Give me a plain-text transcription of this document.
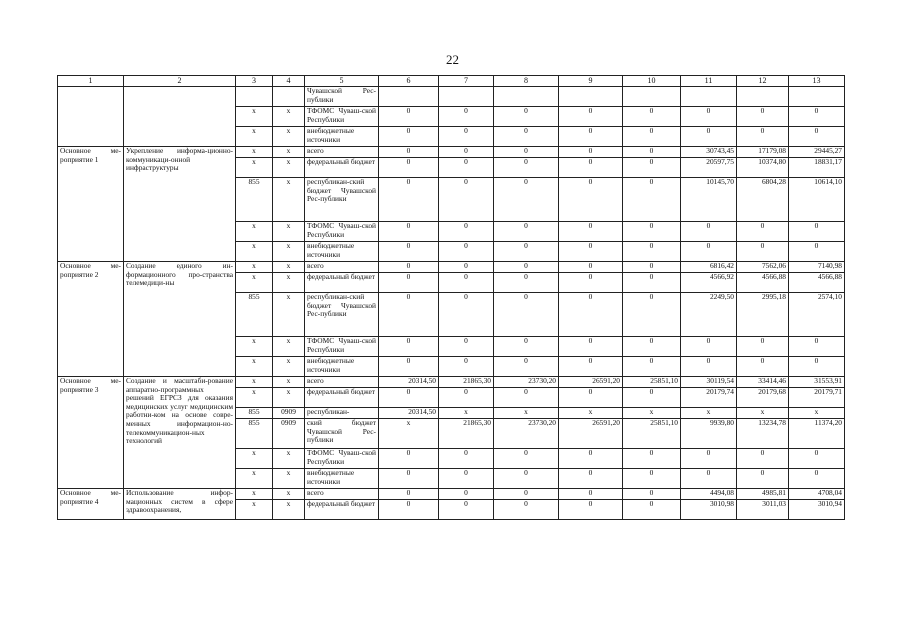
22
1	2	3	4	5	6	7	8	9	10	11	12	13
				Чувашской Рес-публики								
		x	x	ТФОМС Чуваш-ской Республики	0	0	0	0	0	0	0	0
		x	x	внебюджетные источники	0	0	0	0	0	0	0	0
Основное ме-роприятие 1	Укрепление информа-ционно-коммуникаци-онной инфраструктуры	x	x	всего	0	0	0	0	0	30743,45	17179,08	29445,27
		x	x	федеральный бюджет	0	0	0	0	0	20597,75	10374,80	18831,17
		855	x	республикан-ский бюджет Чувашской Рес-публики	0	0	0	0	0	10145,70	6804,28	10614,10
		x	x	ТФОМС Чуваш-ской Республики	0	0	0	0	0	0	0	0
		x	x	внебюджетные источники	0	0	0	0	0	0	0	0
Основное ме-роприятие 2	Создание единого ин-формационного про-странства телемедици-ны	x	x	всего	0	0	0	0	0	6816,42	7562,06	7140,98
		x	x	федеральный бюджет	0	0	0	0	0	4566,92	4566,88	4566,88
		855	x	республикан-ский бюджет Чувашской Рес-публики	0	0	0	0	0	2249,50	2995,18	2574,10
		x	x	ТФОМС Чуваш-ской Республики	0	0	0	0	0	0	0	0
		x	x	внебюджетные источники	0	0	0	0	0	0	0	0
Основное ме-роприятие 3	Создание и масштаби-рование аппаратно-программных решений ЕГРСЗ для оказания медицинских услуг медицинским работни-ком на основе совре-менных информацион-но-телекоммуникацион-ных технологий	x	x	всего	20314,50	21865,30	23730,20	26591,20	25851,10	30119,54	33414,46	31553,91
		x	x	федеральный бюджет	0	0	0	0	0	20179,74	20179,68	20179,71
		855	0909	республикан-	20314,50	x	x	x	x	x	x	x
		855	0909	ский бюджет Чувашской Рес-публики	x	21865,30	23730,20	26591,20	25851,10	9939,80	13234,78	11374,20
		x	x	ТФОМС Чуваш-ской Республики	0	0	0	0	0	0	0	0
		x	x	внебюджетные источники	0	0	0	0	0	0	0	0
Основное ме-роприятие 4	Использование инфор-мационных систем в сфере здравоохранения,	x	x	всего	0	0	0	0	0	4494,08	4985,81	4708,04
		x	x	федеральный бюджет	0	0	0	0	0	3010,98	3011,03	3010,94
